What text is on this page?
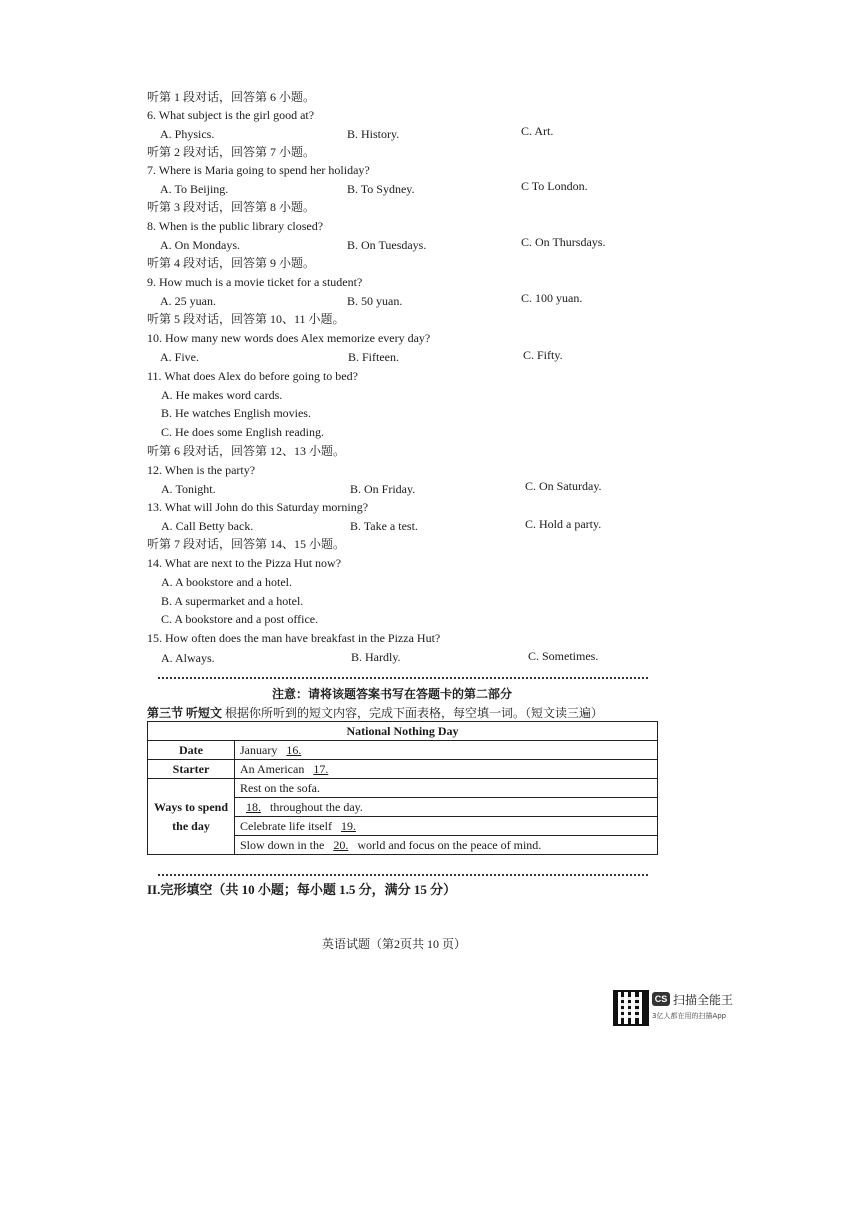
听第 1 段对话，回答第 6 小题。
6. What subject is the girl good at?
A. Physics.	B. History.	C. Art.
听第 2 段对话，回答第 7 小题。
7. Where is Maria going to spend her holiday?
A. To Beijing.	B. To Sydney.	C To London.
听第 3 段对话，回答第 8 小题。
8. When is the public library closed?
A. On Mondays.	B. On Tuesdays.	C. On Thursdays.
听第 4 段对话，回答第 9 小题。
9. How much is a movie ticket for a student?
A. 25 yuan.	B. 50 yuan.	C. 100 yuan.
听第 5 段对话，回答第 10、11 小题。
10. How many new words does Alex memorize every day?
A. Five.	B. Fifteen.	C. Fifty.
11. What does Alex do before going to bed?
A. He makes word cards.
B. He watches English movies.
C. He does some English reading.
听第 6 段对话，回答第 12、13 小题。
12. When is the party?
A. Tonight.	B. On Friday.	C. On Saturday.
13. What will John do this Saturday morning?
A. Call Betty back.	B. Take a test.	C. Hold a party.
听第 7 段对话，回答第 14、15 小题。
14. What are next to the Pizza Hut now?
A. A bookstore and a hotel.
B. A supermarket and a hotel.
C. A bookstore and a post office.
15. How often does the man have breakfast in the Pizza Hut?
A. Always.	B. Hardly.	C. Sometimes.
注意：请将该题答案书写在答题卡的第二部分
第三节 听短文 根据你所听到的短文内容，完成下面表格，每空填一词。（短文读三遍）
National Nothing Day	
Date	January 16.
Starter	An American 17.
Ways to spend the day	Rest on the sofa.
	18. throughout the day.
	Celebrate life itself 19.
	Slow down in the 20. world and focus on the peace of mind.
II.完形填空（共 10 小题；每小题 1.5 分，满分 15 分）
英语试题（第2页共 10 页）
CS 扫描全能王
3亿人都在用的扫描App
